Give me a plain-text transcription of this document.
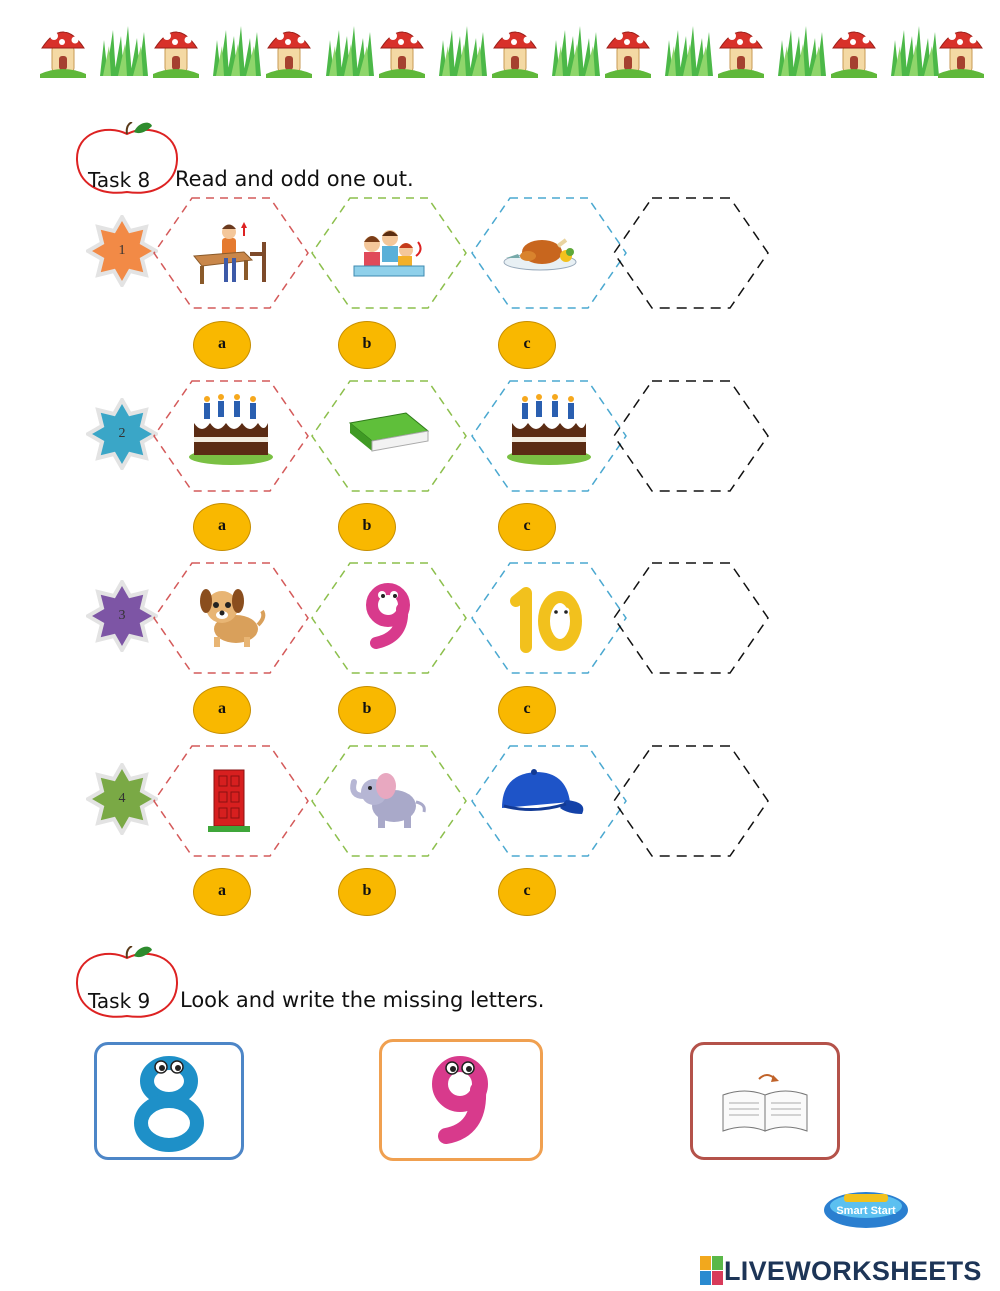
Task 8 Read and odd one out.
1
2
3
4
a	b	c
a	b	c
a	b	c
a	b	c
Task 9 Look and write the missing letters.
Smart Start
LIVEWORKSHEETS
